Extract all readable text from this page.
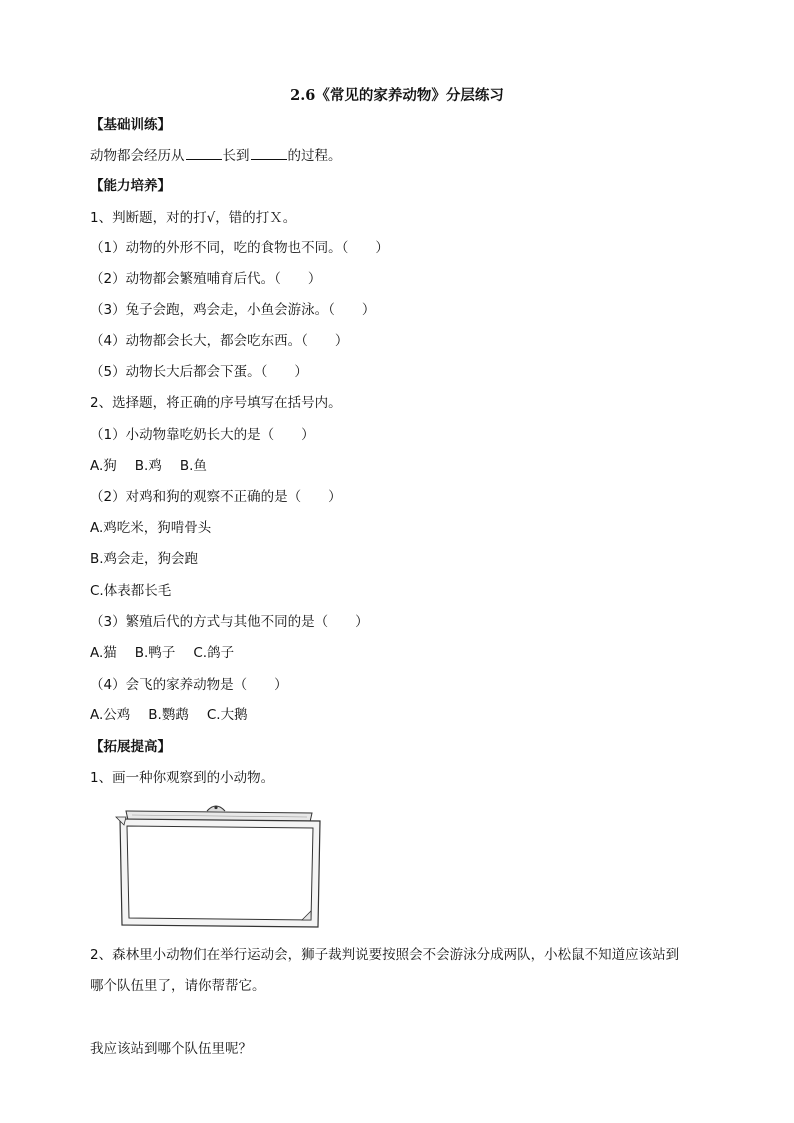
2.6《常见的家养动物》分层练习
【基础训练】
动物都会经历从	长到	的过程。
【能力培养】
1、判断题，对的打√，错的打Ｘ。
（1）动物的外形不同，吃的食物也不同。（　　）
（2）动物都会繁殖哺育后代。（　　）
（3）兔子会跑，鸡会走，小鱼会游泳。（　　）
（4）动物都会长大，都会吃东西。（　　）
（5）动物长大后都会下蛋。（　　）
2、选择题，将正确的序号填写在括号内。
（1）小动物靠吃奶长大的是（　　）
A.狗 B.鸡 B.鱼
（2）对鸡和狗的观察不正确的是（　　）
A.鸡吃米，狗啃骨头
B.鸡会走，狗会跑
C.体表都长毛
（3）繁殖后代的方式与其他不同的是（　　）
A.猫 B.鸭子 C.鸽子
（4）会飞的家养动物是（　　）
A.公鸡 B.鹦鹉 C.大鹅
【拓展提高】
1、画一种你观察到的小动物。
2、森林里小动物们在举行运动会，狮子裁判说要按照会不会游泳分成两队，小松鼠不知道应该站到
哪个队伍里了，请你帮帮它。
我应该站到哪个队伍里呢？
